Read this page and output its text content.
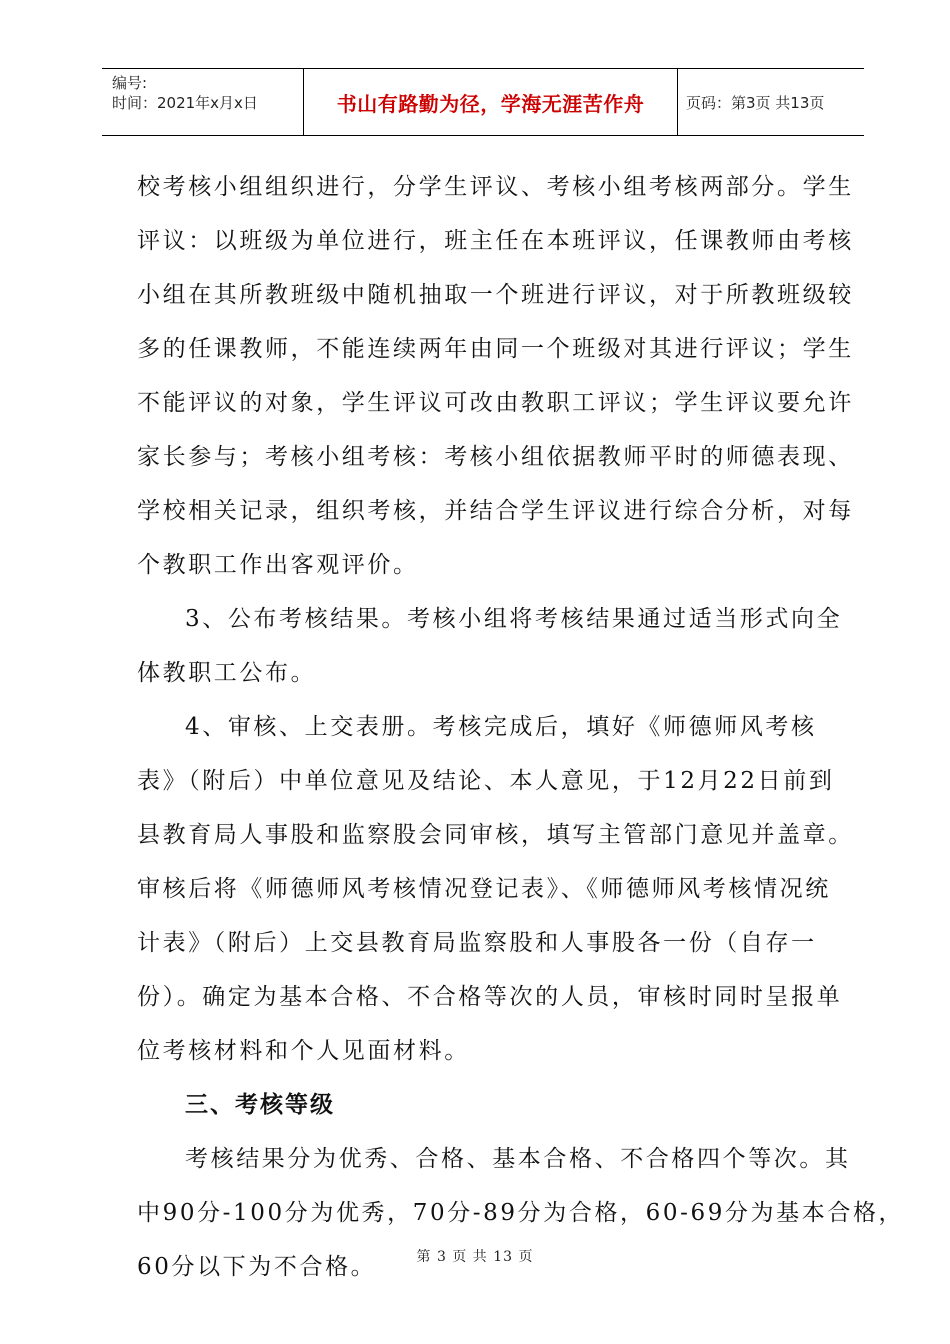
编号:
时间：2021年x月x日	书山有路勤为径，学海无涯苦作舟	页码：第3页 共13页
校考核小组组织进行，分学生评议、考核小组考核两部分。学生
评议：以班级为单位进行，班主任在本班评议，任课教师由考核
小组在其所教班级中随机抽取一个班进行评议，对于所教班级较
多的任课教师，不能连续两年由同一个班级对其进行评议；学生
不能评议的对象，学生评议可改由教职工评议；学生评议要允许
家长参与；考核小组考核：考核小组依据教师平时的师德表现、
学校相关记录，组织考核，并结合学生评议进行综合分析，对每
个教职工作出客观评价。
3、公布考核结果。考核小组将考核结果通过适当形式向全
体教职工公布。
4、审核、上交表册。考核完成后，填好《师德师风考核
表》（附后）中单位意见及结论、本人意见，于12月22日前到
县教育局人事股和监察股会同审核，填写主管部门意见并盖章。
审核后将《师德师风考核情况登记表》、《师德师风考核情况统
计表》（附后）上交县教育局监察股和人事股各一份（自存一
份）。确定为基本合格、不合格等次的人员，审核时同时呈报单
位考核材料和个人见面材料。
三、考核等级
考核结果分为优秀、合格、基本合格、不合格四个等次。其
中90分-100分为优秀，70分-89分为合格，60-69分为基本合格，
60分以下为不合格。	第 3 页 共 13 页
